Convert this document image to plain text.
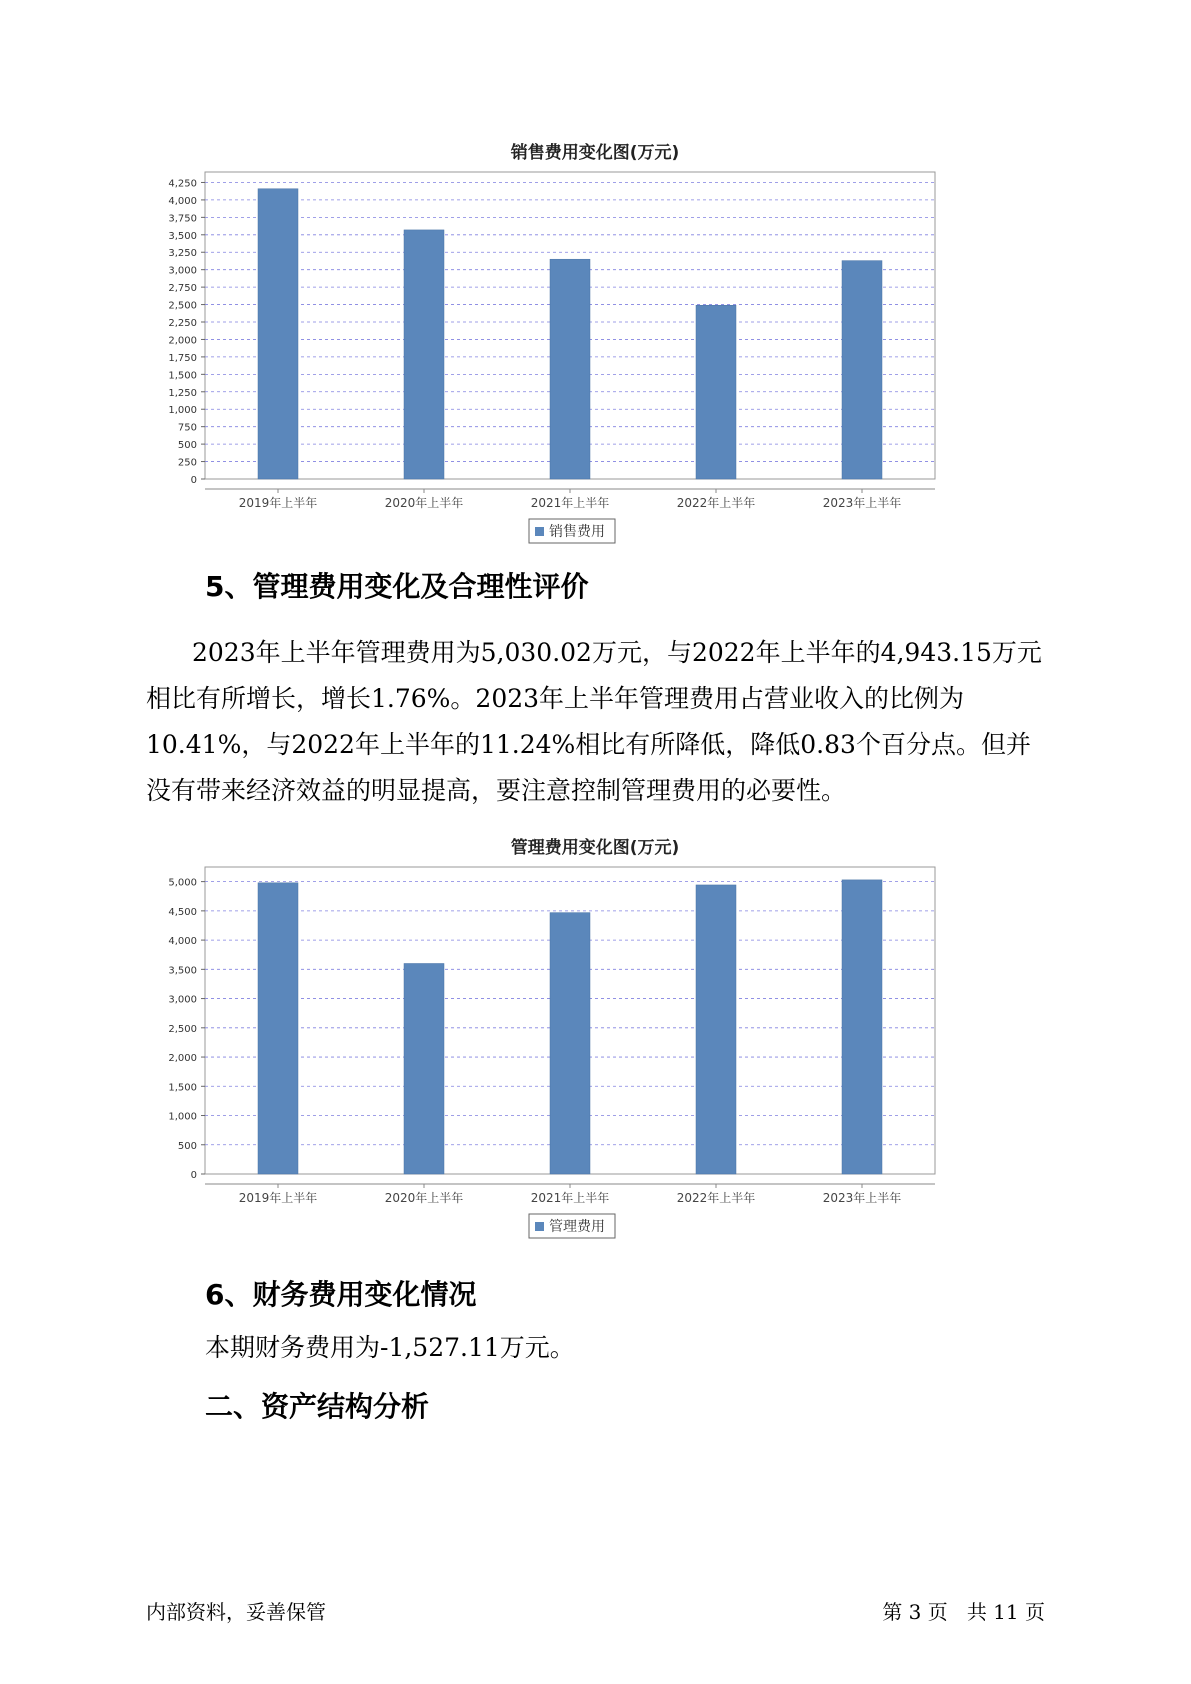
销售费用变化图(万元)
0
250
500
750
1,000
1,250
1,500
1,750
2,000
2,250
2,500
2,750
3,000
3,250
3,500
3,750
4,000
4,250
2019年上半年	2020年上半年	2021年上半年	2022年上半年	2023年上半年
销售费用
5、管理费用变化及合理性评价

2023年上半年管理费用为5,030.02万元，与2022年上半年的4,943.15万元相比有所增长，增长1.76%。2023年上半年管理费用占营业收入的比例为10.41%，与2022年上半年的11.24%相比有所降低，降低0.83个百分点。但并没有带来经济效益的明显提高，要注意控制管理费用的必要性。

管理费用变化图(万元)
0
500
1,000
1,500
2,000
2,500
3,000
3,500
4,000
4,500
5,000
2019年上半年	2020年上半年	2021年上半年	2022年上半年	2023年上半年
管理费用
6、财务费用变化情况

本期财务费用为-1,527.11万元。

二、资产结构分析
内部资料，妥善保管	第 3 页   共 11 页
